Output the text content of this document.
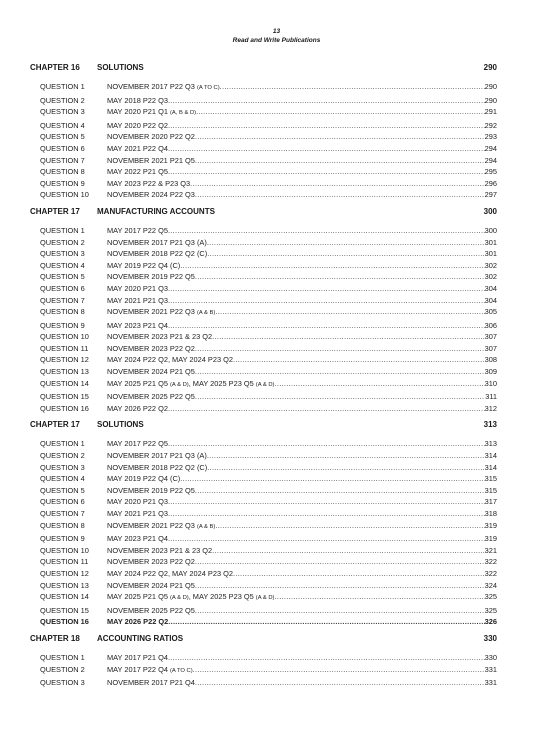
13
Read and Write Publications
CHAPTER 16	SOLUTIONS	290
QUESTION 1	NOVEMBER 2017 P22 Q3 (A TO C) .....	290
QUESTION 2	MAY 2018 P22 Q3 .....	290
QUESTION 3	MAY 2020 P21 Q1 (A, B & D) .....	291
QUESTION 4	MAY 2020 P22 Q2 .....	292
QUESTION 5	NOVEMBER 2020 P22 Q2 .....	293
QUESTION 6	MAY 2021 P22 Q4 .....	294
QUESTION 7	NOVEMBER 2021 P21 Q5 .....	294
QUESTION 8	MAY 2022 P21 Q5 .....	295
QUESTION 9	MAY 2023 P22 & P23 Q3 .....	296
QUESTION 10	NOVEMBER 2024 P22 Q3 .....	297
CHAPTER 17	MANUFACTURING ACCOUNTS	300
QUESTION 1	MAY 2017 P22 Q5 .....	300
QUESTION 2	NOVEMBER 2017 P21 Q3 (A) .....	301
QUESTION 3	NOVEMBER 2018 P22 Q2 (C) .....	301
QUESTION 4	MAY 2019 P22 Q4 (C) .....	302
QUESTION 5	NOVEMBER 2019 P22 Q5 .....	302
QUESTION 6	MAY 2020 P21 Q3 .....	304
QUESTION 7	MAY 2021 P21 Q3 .....	304
QUESTION 8	NOVEMBER 2021 P22 Q3 (A & B) .....	305
QUESTION 9	MAY 2023 P21 Q4 .....	306
QUESTION 10	NOVEMBER 2023 P21 & 23 Q2 .....	307
QUESTION 11	NOVEMBER 2023 P22 Q2 .....	307
QUESTION 12	MAY 2024 P22 Q2, MAY 2024 P23 Q2 .....	308
QUESTION 13	NOVEMBER 2024 P21 Q5 .....	309
QUESTION 14	MAY 2025 P21 Q5 (A & D), MAY 2025 P23 Q5 (A & D) .....	310
QUESTION 15	NOVEMBER 2025 P22 Q5 .....	311
QUESTION 16	MAY 2026 P22 Q2 .....	312
CHAPTER 17	SOLUTIONS	313
QUESTION 1	MAY 2017 P22 Q5 .....	313
QUESTION 2	NOVEMBER 2017 P21 Q3 (A) .....	314
QUESTION 3	NOVEMBER 2018 P22 Q2 (C) .....	314
QUESTION 4	MAY 2019 P22 Q4 (C) .....	315
QUESTION 5	NOVEMBER 2019 P22 Q5 .....	315
QUESTION 6	MAY 2020 P21 Q3 .....	317
QUESTION 7	MAY 2021 P21 Q3 .....	318
QUESTION 8	NOVEMBER 2021 P22 Q3 (A & B) .....	319
QUESTION 9	MAY 2023 P21 Q4 .....	319
QUESTION 10	NOVEMBER 2023 P21 & 23 Q2 .....	321
QUESTION 11	NOVEMBER 2023 P22 Q2 .....	322
QUESTION 12	MAY 2024 P22 Q2, MAY 2024 P23 Q2 .....	322
QUESTION 13	NOVEMBER 2024 P21 Q5 .....	324
QUESTION 14	MAY 2025 P21 Q5 (A & D), MAY 2025 P23 Q5 (A & D) .....	325
QUESTION 15	NOVEMBER 2025 P22 Q5 .....	325
QUESTION 16	MAY 2026 P22 Q2 .....	326
CHAPTER 18	ACCOUNTING RATIOS	330
QUESTION 1	MAY 2017 P21 Q4 .....	330
QUESTION 2	MAY 2017 P22 Q4 (A TO C) .....	331
QUESTION 3	NOVEMBER 2017 P21 Q4 .....	331
